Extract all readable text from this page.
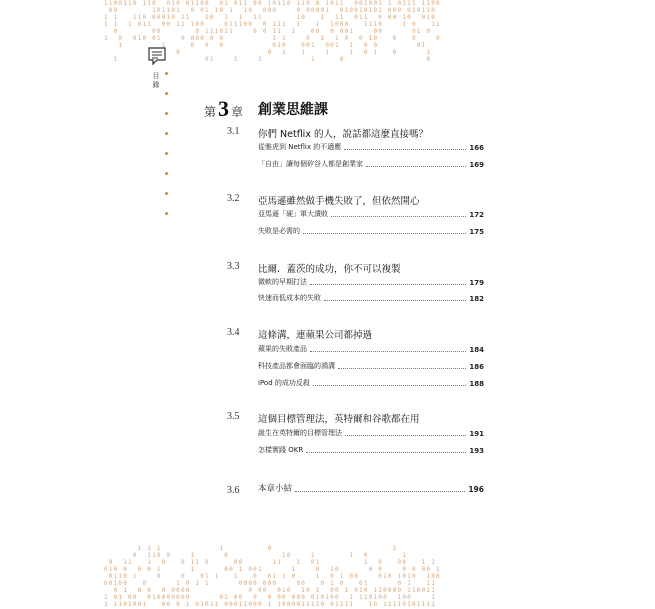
1100110 110  010 01100  01 011 00 10110 110 0 1011  001001 1 0111 1100
00       101101  0 01 10 1  10  000    0 00001  010010101 000 010110
1 1   110 00010 11   10  1  1  11       10   1  11  011  0 00 10  010
1 1  1 011  00 11 100    011100  0 111  1   1  1000   1110    1 0   11
0       00       0 111011    0 0 11  1   00  0 001    00      01 0
1  0  010 01    0 000 0 0          1 1    0  1  1 0  0 10   0   0    0
1        1     0  0  0          010   001  001  1  0 0        01
0                  0  1   1    1    1  0 1   0      1
1                  01    1    1          1     0                 0
1 1 1            1         0                         1
0  110 0    1      0           10    1       1  0       1
0  11   1  0   0 11 0     00      11   1  01         1  0   00   1 1
010 0  0 0 1      1      00 1 001      1    0  10      0 0    0 0 00 1
0110 1    0    0   01 1   1   0  01 1 0    1  0 1 00    010 1010  100
00100   0      1 0 1 1      0000 000    00   0 1 0   01      0 1   11
0 1  0 0  0 0000            0 00  010  10 1  00 1 010 110000 110011
1 01 00  010000000      01 00  0  0 00 000 010100  1 110100  100    1
1 1101001   00 0 1 01011 00011000 1 1000011110 01111   10 11110101111
目錄
第3 章 創業思維課
3.1 你們 Netflix 的人，說話都這麼直接嗎？
從雅虎到 Netflix 的不適應	166
「自由」讓每個矽谷人都是創業家	169
3.2 亞馬遜雖然做手機失敗了，但依然開心
亞馬遜「硬」軍大潰敗	172
失敗是必需的	175
3.3 比爾．蓋茨的成功，你不可以複製
微軟的早期打法	179
快速而低成本的失敗	182
3.4 這條溝，連蘋果公司都掉過
蘋果的失敗產品	184
科技產品都會面臨的鴻溝	186
iPod 的成功反殺	188
3.5 這個目標管理法，英特爾和谷歌都在用
誕生在英特爾的目標管理法	191
怎樣實踐 OKR	193
3.6 本章小結	196
